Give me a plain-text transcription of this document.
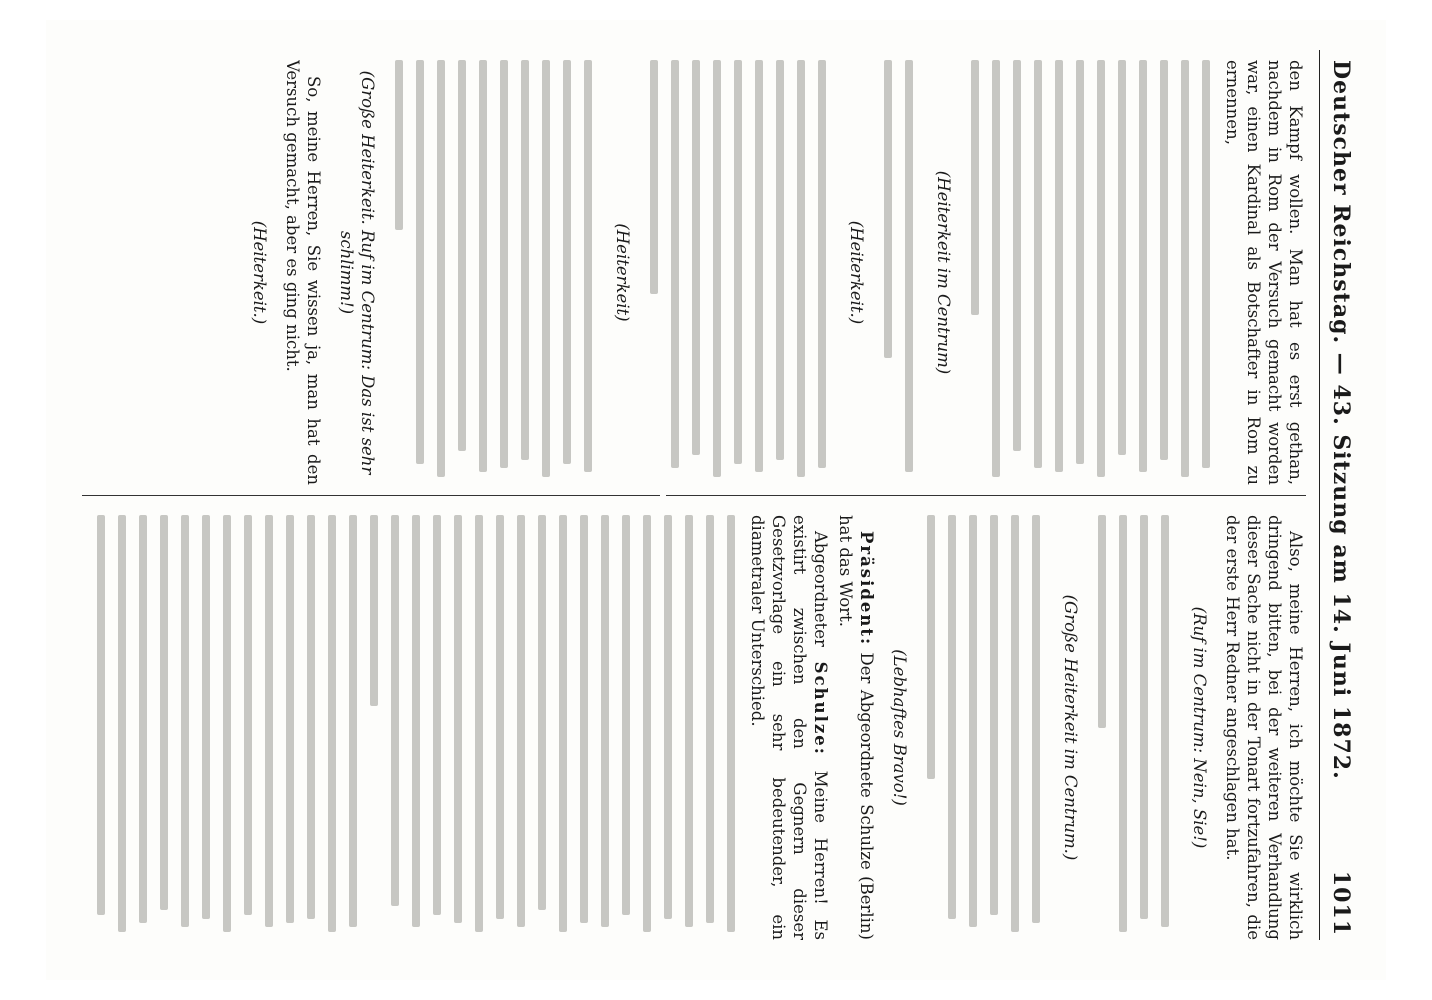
Deutscher Reichstag. — 43. Sitzung am 14. Juni 1872.
1011

den Kampf wollen. Man hat es erst gethan, nachdem in Rom der Versuch gemacht worden war, einen Kardinal als Botschafter in Rom zu ernennen,

(Heiterkeit im Centrum)

(Heiterkeit.)

(Heiterkeit)

(Große Heiterkeit. Ruf im Centrum: Das ist sehr schlimm!)

So, meine Herren, Sie wissen ja, man hat den Versuch gemacht, aber es ging nicht.

(Heiterkeit.)

Also, meine Herren, ich möchte Sie wirklich dringend bitten, bei der weiteren Verhandlung dieser Sache nicht in der Tonart fortzufahren, die der erste Herr Redner angeschlagen hat.

(Ruf im Centrum: Nein, Sie!)

(Große Heiterkeit im Centrum.)

(Lebhaftes Bravo!)

Präsident: Der Abgeordnete Schulze (Berlin) hat das Wort.

Abgeordneter Schulze: Meine Herren! Es existirt zwischen den Gegnern dieser Gesetzvorlage ein sehr bedeutender, ein diametraler Unterschied.
